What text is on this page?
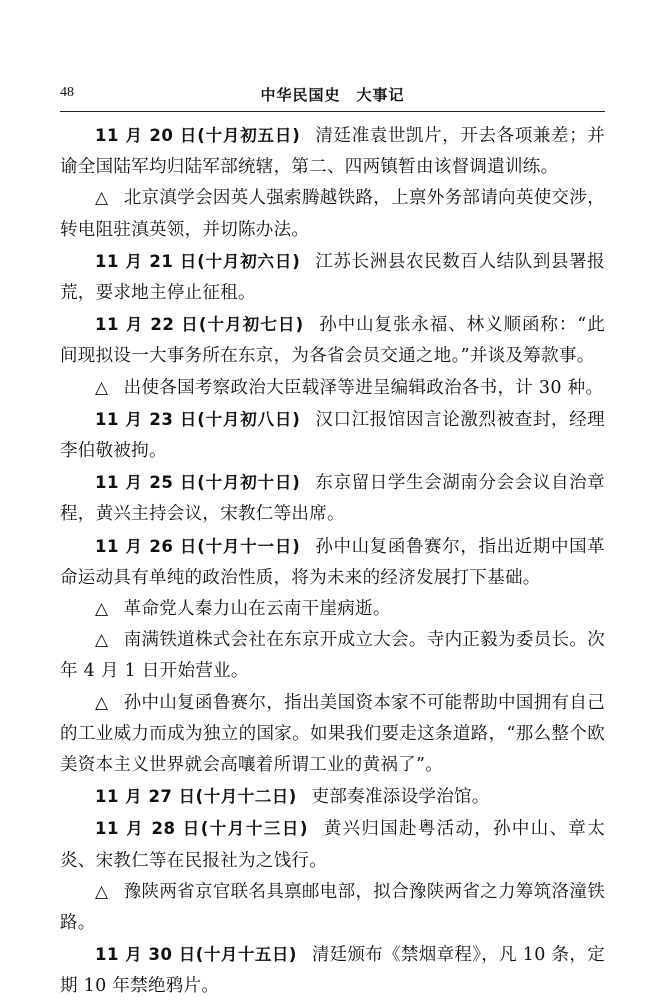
48	中华民国史　大事记

11 月 20 日(十月初五日) 清廷准袁世凯片，开去各项兼差；并谕全国陆军均归陆军部统辖，第二、四两镇暂由该督调遣训练。

△ 北京滇学会因英人强索腾越铁路，上禀外务部请向英使交涉，转电阻驻滇英领，并切陈办法。

11 月 21 日(十月初六日) 江苏长洲县农民数百人结队到县署报荒，要求地主停止征租。

11 月 22 日(十月初七日) 孙中山复张永福、林义顺函称：“此间现拟设一大事务所在东京，为各省会员交通之地。”并谈及筹款事。

△ 出使各国考察政治大臣载泽等进呈编辑政治各书，计 30 种。

11 月 23 日(十月初八日) 汉口江报馆因言论激烈被查封，经理李伯敬被拘。

11 月 25 日(十月初十日) 东京留日学生会湖南分会会议自治章程，黄兴主持会议，宋教仁等出席。

11 月 26 日(十月十一日) 孙中山复函鲁赛尔，指出近期中国革命运动具有单纯的政治性质，将为未来的经济发展打下基础。

△ 革命党人秦力山在云南干崖病逝。

△ 南满铁道株式会社在东京开成立大会。寺内正毅为委员长。次年 4 月 1 日开始营业。

△ 孙中山复函鲁赛尔，指出美国资本家不可能帮助中国拥有自己的工业威力而成为独立的国家。如果我们要走这条道路，“那么整个欧美资本主义世界就会高嚷着所谓工业的黄祸了”。

11 月 27 日(十月十二日) 吏部奏准添设学治馆。

11 月 28 日(十月十三日) 黄兴归国赴粤活动，孙中山、章太炎、宋教仁等在民报社为之饯行。

△ 豫陕两省京官联名具禀邮电部，拟合豫陕两省之力筹筑洛潼铁路。

11 月 30 日(十月十五日) 清廷颁布《禁烟章程》，凡 10 条，定期 10 年禁绝鸦片。
